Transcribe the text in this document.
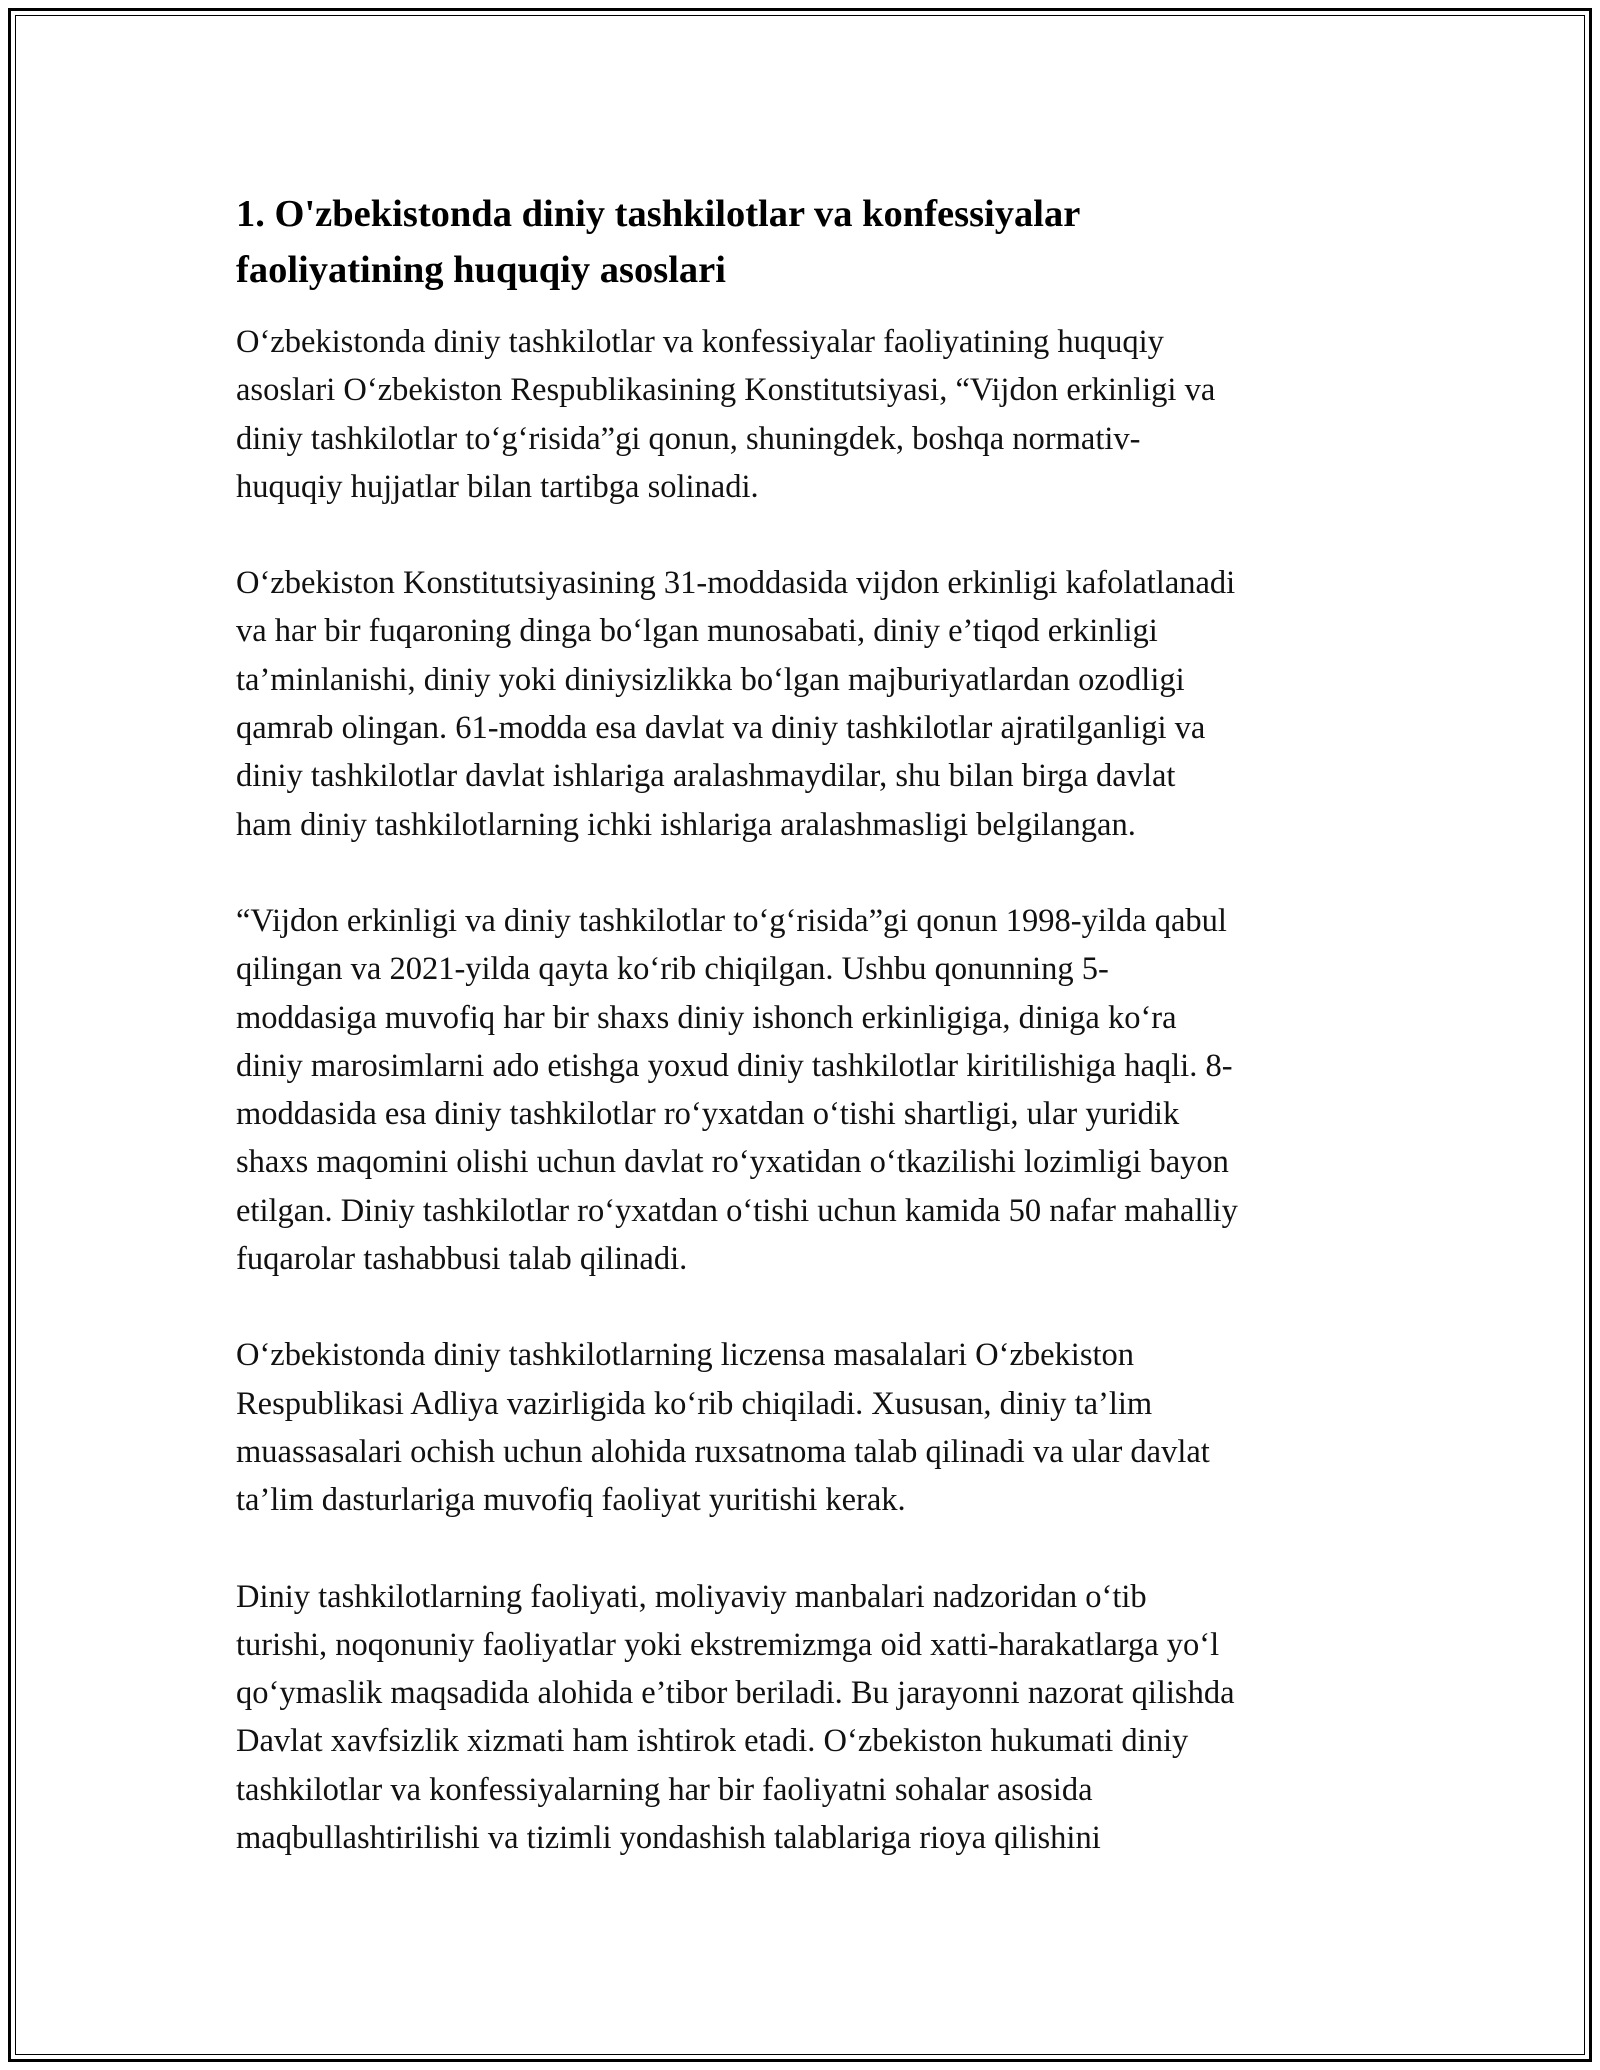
1. O'zbekistonda diniy tashkilotlar va konfessiyalar
faoliyatining huquqiy asoslari

O‘zbekistonda diniy tashkilotlar va konfessiyalar faoliyatining huquqiy
asoslari O‘zbekiston Respublikasining Konstitutsiyasi, “Vijdon erkinligi va
diniy tashkilotlar to‘g‘risida”gi qonun, shuningdek, boshqa normativ-
huquqiy hujjatlar bilan tartibga solinadi.

O‘zbekiston Konstitutsiyasining 31-moddasida vijdon erkinligi kafolatlanadi
va har bir fuqaroning dinga bo‘lgan munosabati, diniy e’tiqod erkinligi
ta’minlanishi, diniy yoki diniysizlikka bo‘lgan majburiyatlardan ozodligi
qamrab olingan. 61-modda esa davlat va diniy tashkilotlar ajratilganligi va
diniy tashkilotlar davlat ishlariga aralashmaydilar, shu bilan birga davlat
ham diniy tashkilotlarning ichki ishlariga aralashmasligi belgilangan.

“Vijdon erkinligi va diniy tashkilotlar to‘g‘risida”gi qonun 1998-yilda qabul
qilingan va 2021-yilda qayta ko‘rib chiqilgan. Ushbu qonunning 5-
moddasiga muvofiq har bir shaxs diniy ishonch erkinligiga, diniga ko‘ra
diniy marosimlarni ado etishga yoxud diniy tashkilotlar kiritilishiga haqli. 8-
moddasida esa diniy tashkilotlar ro‘yxatdan o‘tishi shartligi, ular yuridik
shaxs maqomini olishi uchun davlat ro‘yxatidan o‘tkazilishi lozimligi bayon
etilgan. Diniy tashkilotlar ro‘yxatdan o‘tishi uchun kamida 50 nafar mahalliy
fuqarolar tashabbusi talab qilinadi.

O‘zbekistonda diniy tashkilotlarning liczensa masalalari O‘zbekiston
Respublikasi Adliya vazirligida ko‘rib chiqiladi. Xususan, diniy ta’lim
muassasalari ochish uchun alohida ruxsatnoma talab qilinadi va ular davlat
ta’lim dasturlariga muvofiq faoliyat yuritishi kerak.

Diniy tashkilotlarning faoliyati, moliyaviy manbalari nadzoridan o‘tib
turishi, noqonuniy faoliyatlar yoki ekstremizmga oid xatti-harakatlarga yo‘l
qo‘ymaslik maqsadida alohida e’tibor beriladi. Bu jarayonni nazorat qilishda
Davlat xavfsizlik xizmati ham ishtirok etadi. O‘zbekiston hukumati diniy
tashkilotlar va konfessiyalarning har bir faoliyatni sohalar asosida
maqbullashtirilishi va tizimli yondashish talablariga rioya qilishini
